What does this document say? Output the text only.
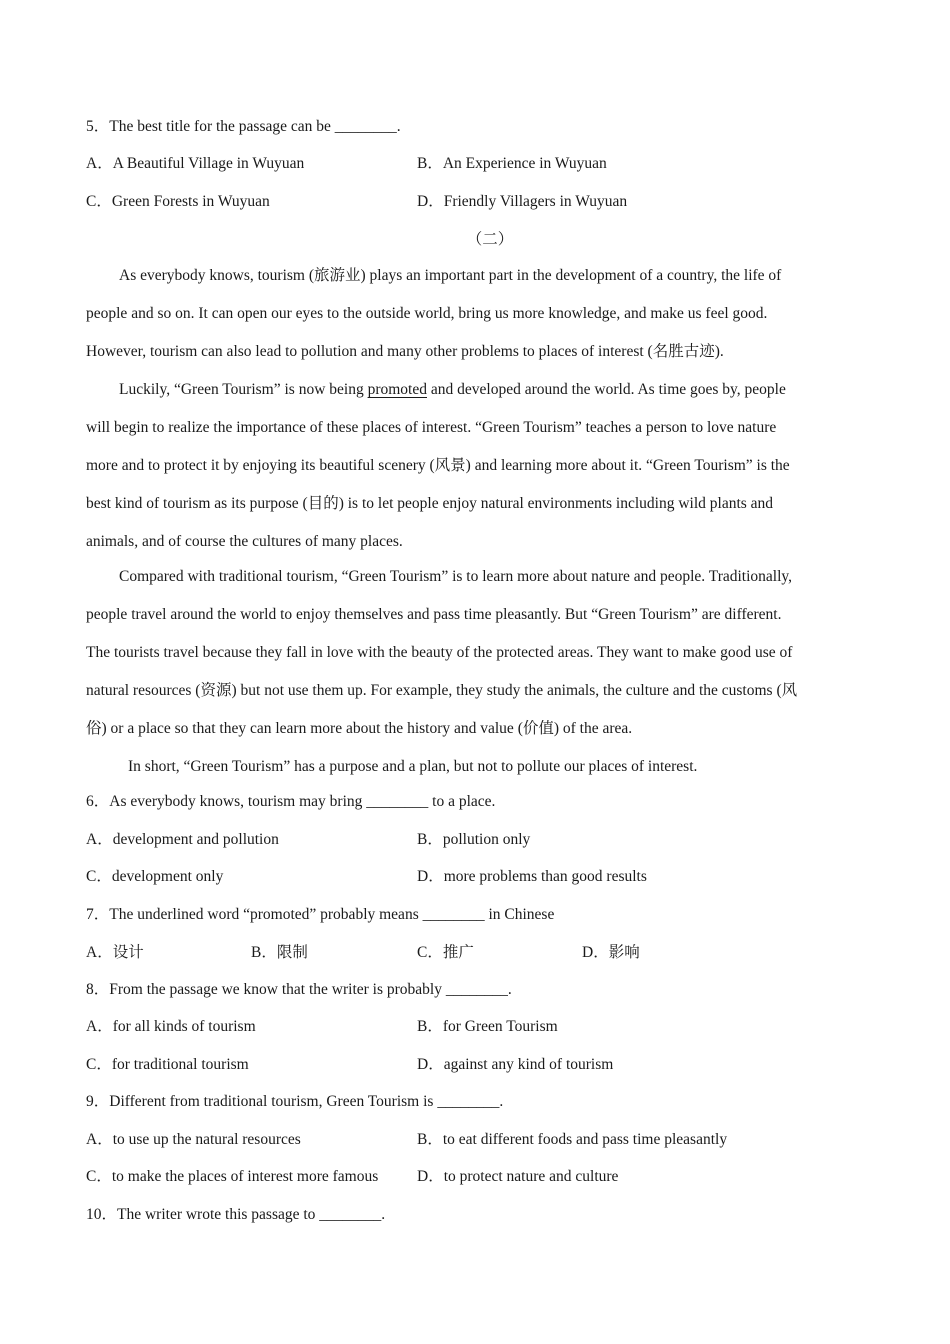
5．The best title for the passage can be ________.
A．A Beautiful Village in Wuyuan	B．An Experience in Wuyuan
C．Green Forests in Wuyuan	D．Friendly Villagers in Wuyuan
（二）
As everybody knows, tourism (旅游业) plays an important part in the development of a country, the life of
people and so on. It can open our eyes to the outside world, bring us more knowledge, and make us feel good.
However, tourism can also lead to pollution and many other problems to places of interest (名胜古迹).
Luckily, “Green Tourism” is now being promoted and developed around the world. As time goes by, people
will begin to realize the importance of these places of interest. “Green Tourism” teaches a person to love nature
more and to protect it by enjoying its beautiful scenery (风景) and learning more about it. “Green Tourism” is the
best kind of tourism as its purpose (目的) is to let people enjoy natural environments including wild plants and
animals, and of course the cultures of many places.
Compared with traditional tourism, “Green Tourism” is to learn more about nature and people. Traditionally,
people travel around the world to enjoy themselves and pass time pleasantly. But “Green Tourism” are different.
The tourists travel because they fall in love with the beauty of the protected areas. They want to make good use of
natural resources (资源) but not use them up. For example, they study the animals, the culture and the customs (风
俗) or a place so that they can learn more about the history and value (价值) of the area.
In short, “Green Tourism” has a purpose and a plan, but not to pollute our places of interest.
6．As everybody knows, tourism may bring ________ to a place.
A．development and pollution	B．pollution only
C．development only	D．more problems than good results
7．The underlined word “promoted” probably means ________ in Chinese
A．设计	B．限制	C．推广	D．影响
8．From the passage we know that the writer is probably ________.
A．for all kinds of tourism	B．for Green Tourism
C．for traditional tourism	D．against any kind of tourism
9．Different from traditional tourism, Green Tourism is ________.
A．to use up the natural resources	B．to eat different foods and pass time pleasantly
C．to make the places of interest more famous D．to protect nature and culture
10．The writer wrote this passage to ________.
